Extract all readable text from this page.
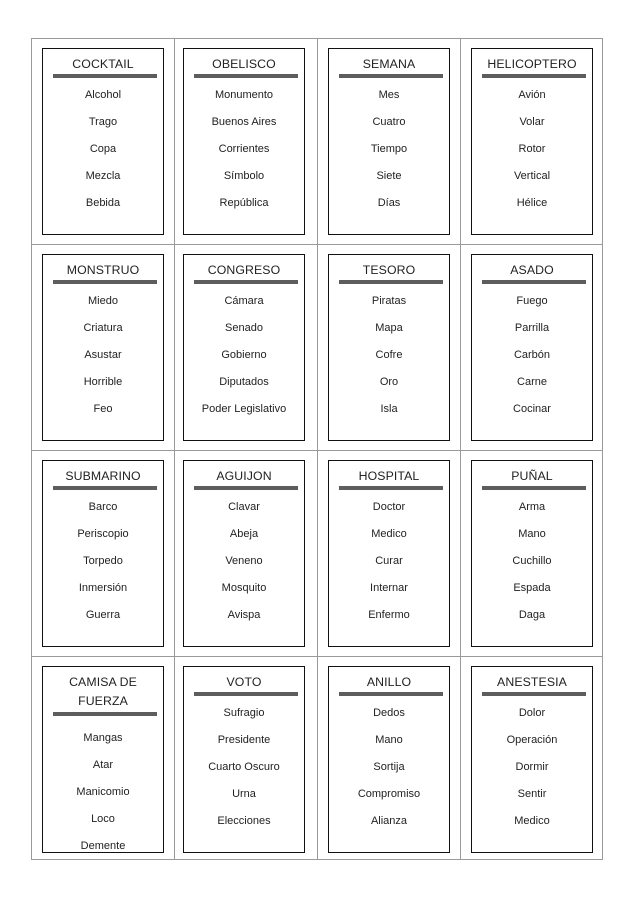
COCKTAIL
Alcohol
Trago
Copa
Mezcla
Bebida
OBELISCO
Monumento
Buenos Aires
Corrientes
Símbolo
República
SEMANA
Mes
Cuatro
Tiempo
Siete
Días
HELICOPTERO
Avión
Volar
Rotor
Vertical
Hélice
MONSTRUO
Miedo
Criatura
Asustar
Horrible
Feo
CONGRESO
Cámara
Senado
Gobierno
Diputados
Poder Legislativo
TESORO
Piratas
Mapa
Cofre
Oro
Isla
ASADO
Fuego
Parrilla
Carbón
Carne
Cocinar
SUBMARINO
Barco
Periscopio
Torpedo
Inmersión
Guerra
AGUIJON
Clavar
Abeja
Veneno
Mosquito
Avispa
HOSPITAL
Doctor
Medico
Curar
Internar
Enfermo
PUÑAL
Arma
Mano
Cuchillo
Espada
Daga
CAMISA DE
FUERZA
Mangas
Atar
Manicomio
Loco
Demente
VOTO
Sufragio
Presidente
Cuarto Oscuro
Urna
Elecciones
ANILLO
Dedos
Mano
Sortija
Compromiso
Alianza
ANESTESIA
Dolor
Operación
Dormir
Sentir
Medico
